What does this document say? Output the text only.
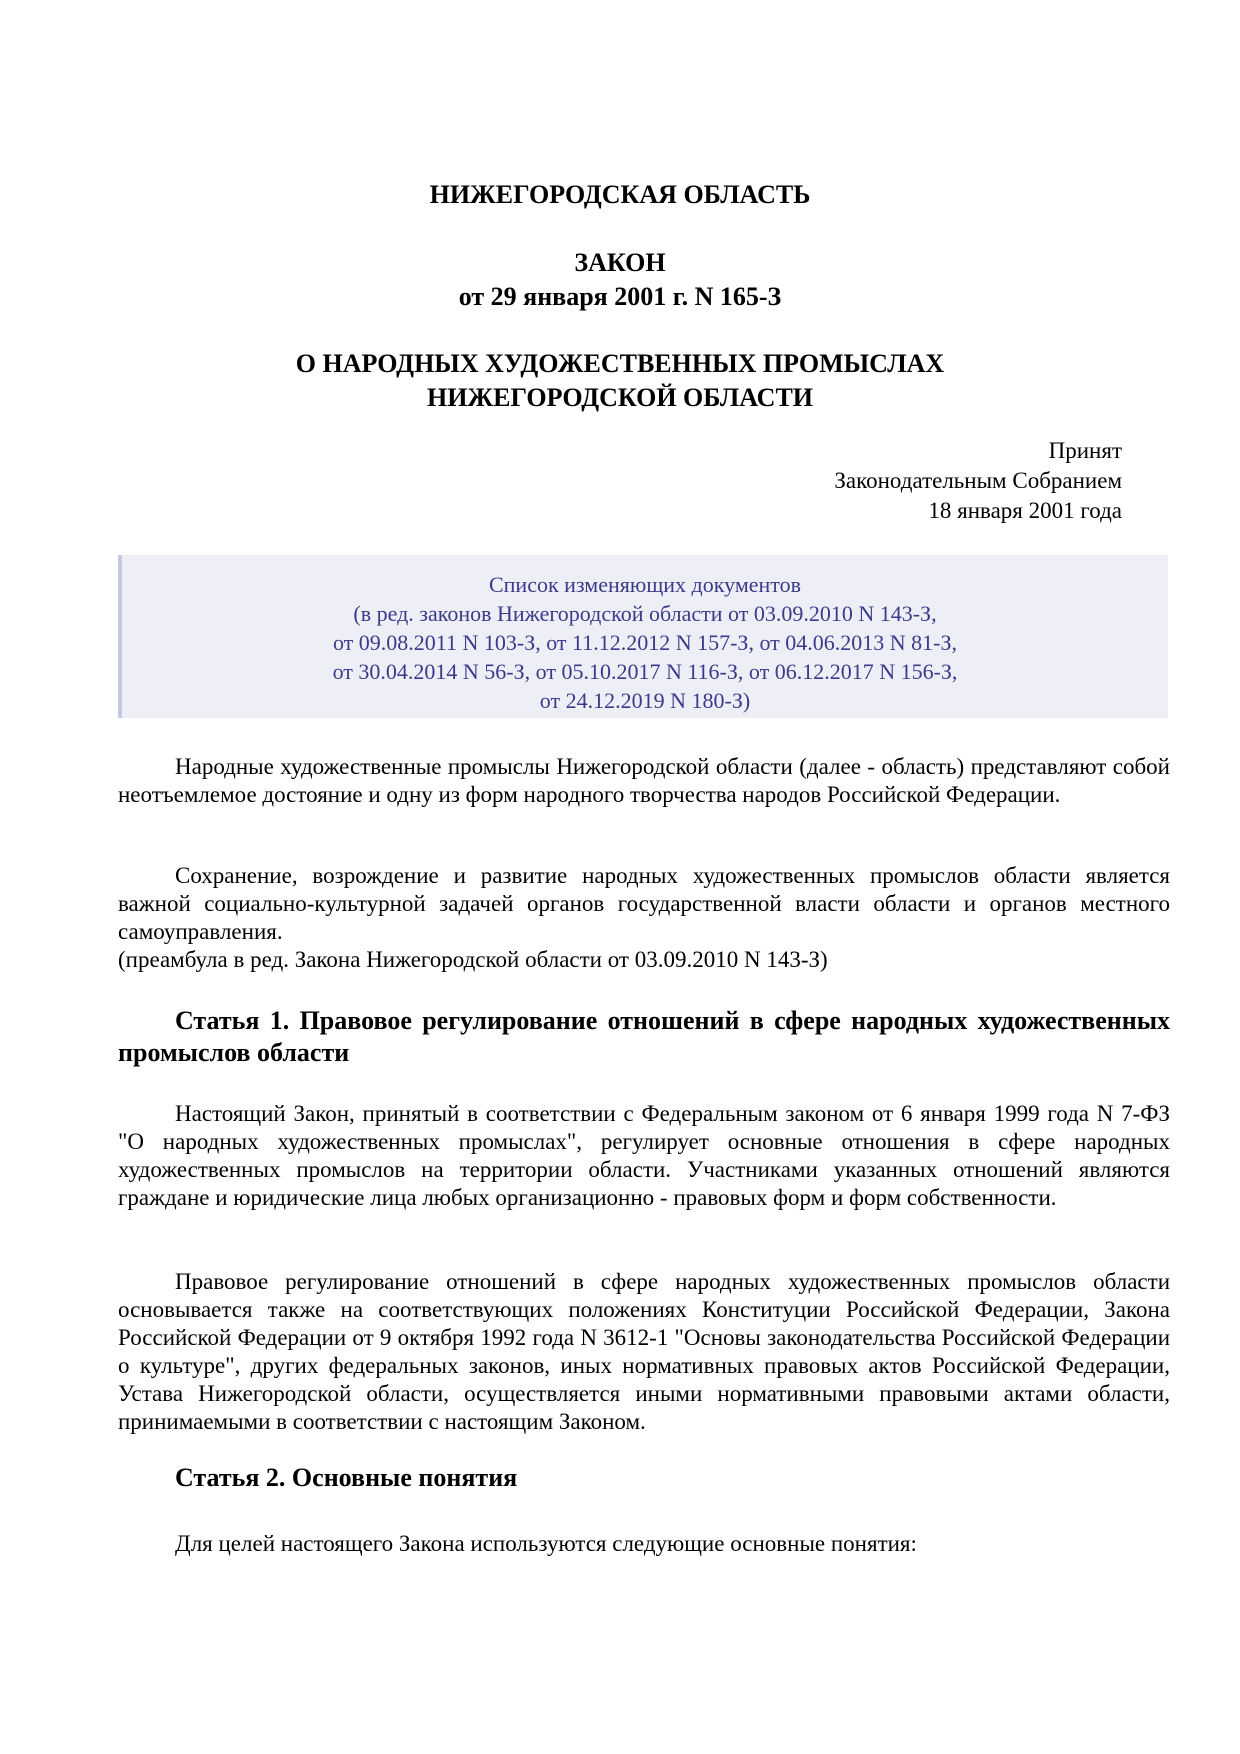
НИЖЕГОРОДСКАЯ ОБЛАСТЬ
ЗАКОН
от 29 января 2001 г. N 165-З
О НАРОДНЫХ ХУДОЖЕСТВЕННЫХ ПРОМЫСЛАХ
НИЖЕГОРОДСКОЙ ОБЛАСТИ
Принят
Законодательным Собранием
18 января 2001 года
Список изменяющих документов
(в ред. законов Нижегородской области от 03.09.2010 N 143-З,
от 09.08.2011 N 103-З, от 11.12.2012 N 157-З, от 04.06.2013 N 81-З,
от 30.04.2014 N 56-З, от 05.10.2017 N 116-З, от 06.12.2017 N 156-З,
от 24.12.2019 N 180-З)
Народные художественные промыслы Нижегородской области (далее - область) представляют собой неотъемлемое достояние и одну из форм народного творчества народов Российской Федерации.
Сохранение, возрождение и развитие народных художественных промыслов области является важной социально-культурной задачей органов государственной власти области и органов местного самоуправления.
(преамбула в ред. Закона Нижегородской области от 03.09.2010 N 143-З)
Статья 1. Правовое регулирование отношений в сфере народных художественных промыслов области
Настоящий Закон, принятый в соответствии с Федеральным законом от 6 января 1999 года N 7-ФЗ "О народных художественных промыслах", регулирует основные отношения в сфере народных художественных промыслов на территории области. Участниками указанных отношений являются граждане и юридические лица любых организационно - правовых форм и форм собственности.
Правовое регулирование отношений в сфере народных художественных промыслов области основывается также на соответствующих положениях Конституции Российской Федерации, Закона Российской Федерации от 9 октября 1992 года N 3612-1 "Основы законодательства Российской Федерации о культуре", других федеральных законов, иных нормативных правовых актов Российской Федерации, Устава Нижегородской области, осуществляется иными нормативными правовыми актами области, принимаемыми в соответствии с настоящим Законом.
Статья 2. Основные понятия
Для целей настоящего Закона используются следующие основные понятия:
